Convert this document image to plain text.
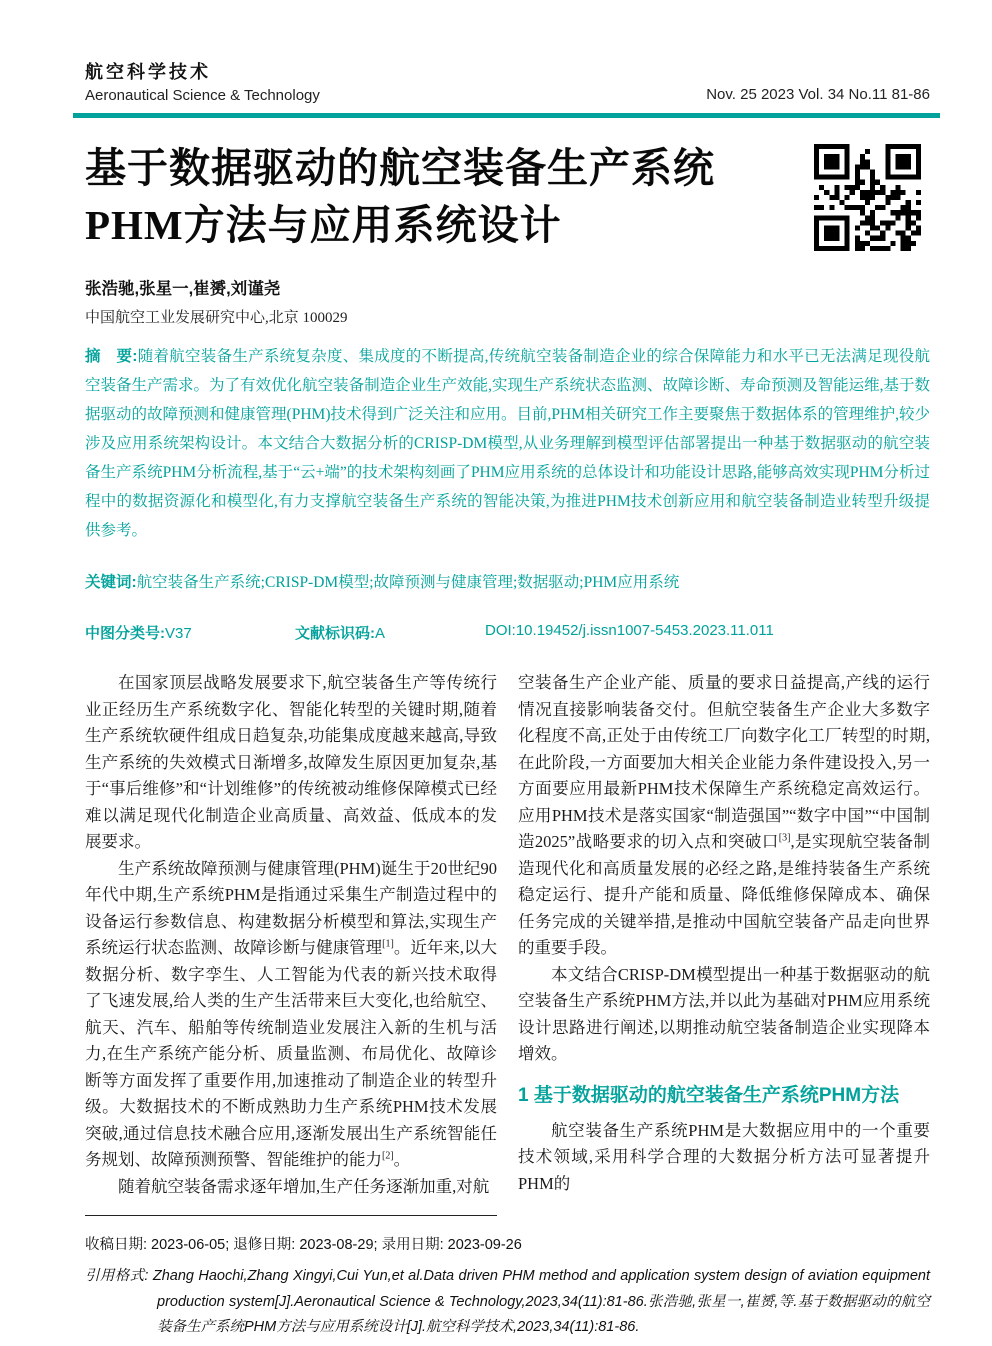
航空科学技术
Aeronautical Science & Technology	Nov. 25 2023 Vol. 34 No.11 81-86
基于数据驱动的航空装备生产系统
PHM方法与应用系统设计
张浩驰,张星一,崔赟,刘谨尧
中国航空工业发展研究中心,北京 100029

摘　要:随着航空装备生产系统复杂度、集成度的不断提高,传统航空装备制造企业的综合保障能力和水平已无法满足现役航空装备生产需求。为了有效优化航空装备制造企业生产效能,实现生产系统状态监测、故障诊断、寿命预测及智能运维,基于数据驱动的故障预测和健康管理(PHM)技术得到广泛关注和应用。目前,PHM相关研究工作主要聚焦于数据体系的管理维护,较少涉及应用系统架构设计。本文结合大数据分析的CRISP-DM模型,从业务理解到模型评估部署提出一种基于数据驱动的航空装备生产系统PHM分析流程,基于“云+端”的技术架构刻画了PHM应用系统的总体设计和功能设计思路,能够高效实现PHM分析过程中的数据资源化和模型化,有力支撑航空装备生产系统的智能决策,为推进PHM技术创新应用和航空装备制造业转型升级提供参考。

关键词:航空装备生产系统;CRISP-DM模型;故障预测与健康管理;数据驱动;PHM应用系统

中图分类号:V37	文献标识码:A	DOI:10.19452/j.issn1007-5453.2023.11.011

在国家顶层战略发展要求下,航空装备生产等传统行业正经历生产系统数字化、智能化转型的关键时期,随着生产系统软硬件组成日趋复杂,功能集成度越来越高,导致生产系统的失效模式日渐增多,故障发生原因更加复杂,基于“事后维修”和“计划维修”的传统被动维修保障模式已经难以满足现代化制造企业高质量、高效益、低成本的发展要求。

生产系统故障预测与健康管理(PHM)诞生于20世纪90年代中期,生产系统PHM是指通过采集生产制造过程中的设备运行参数信息、构建数据分析模型和算法,实现生产系统运行状态监测、故障诊断与健康管理[1]。近年来,以大数据分析、数字孪生、人工智能为代表的新兴技术取得了飞速发展,给人类的生产生活带来巨大变化,也给航空、航天、汽车、船舶等传统制造业发展注入新的生机与活力,在生产系统产能分析、质量监测、布局优化、故障诊断等方面发挥了重要作用,加速推动了制造企业的转型升级。大数据技术的不断成熟助力生产系统PHM技术发展突破,通过信息技术融合应用,逐渐发展出生产系统智能任务规划、故障预测预警、智能维护的能力[2]。

随着航空装备需求逐年增加,生产任务逐渐加重,对航

空装备生产企业产能、质量的要求日益提高,产线的运行情况直接影响装备交付。但航空装备生产企业大多数字化程度不高,正处于由传统工厂向数字化工厂转型的时期,在此阶段,一方面要加大相关企业能力条件建设投入,另一方面要应用最新PHM技术保障生产系统稳定高效运行。应用PHM技术是落实国家“制造强国”“数字中国”“中国制造2025”战略要求的切入点和突破口[3],是实现航空装备制造现代化和高质量发展的必经之路,是维持装备生产系统稳定运行、提升产能和质量、降低维修保障成本、确保任务完成的关键举措,是推动中国航空装备产品走向世界的重要手段。

本文结合CRISP-DM模型提出一种基于数据驱动的航空装备生产系统PHM方法,并以此为基础对PHM应用系统设计思路进行阐述,以期推动航空装备制造企业实现降本增效。

1 基于数据驱动的航空装备生产系统PHM方法

航空装备生产系统PHM是大数据应用中的一个重要技术领域,采用科学合理的大数据分析方法可显著提升PHM的

收稿日期: 2023-06-05; 退修日期: 2023-08-29; 录用日期: 2023-09-26

引用格式: Zhang Haochi,Zhang Xingyi,Cui Yun,et al.Data driven PHM method and application system design of aviation equipment production system[J].Aeronautical Science & Technology,2023,34(11):81-86.张浩驰,张星一,崔赟,等.基于数据驱动的航空装备生产系统PHM方法与应用系统设计[J].航空科学技术,2023,34(11):81-86.
